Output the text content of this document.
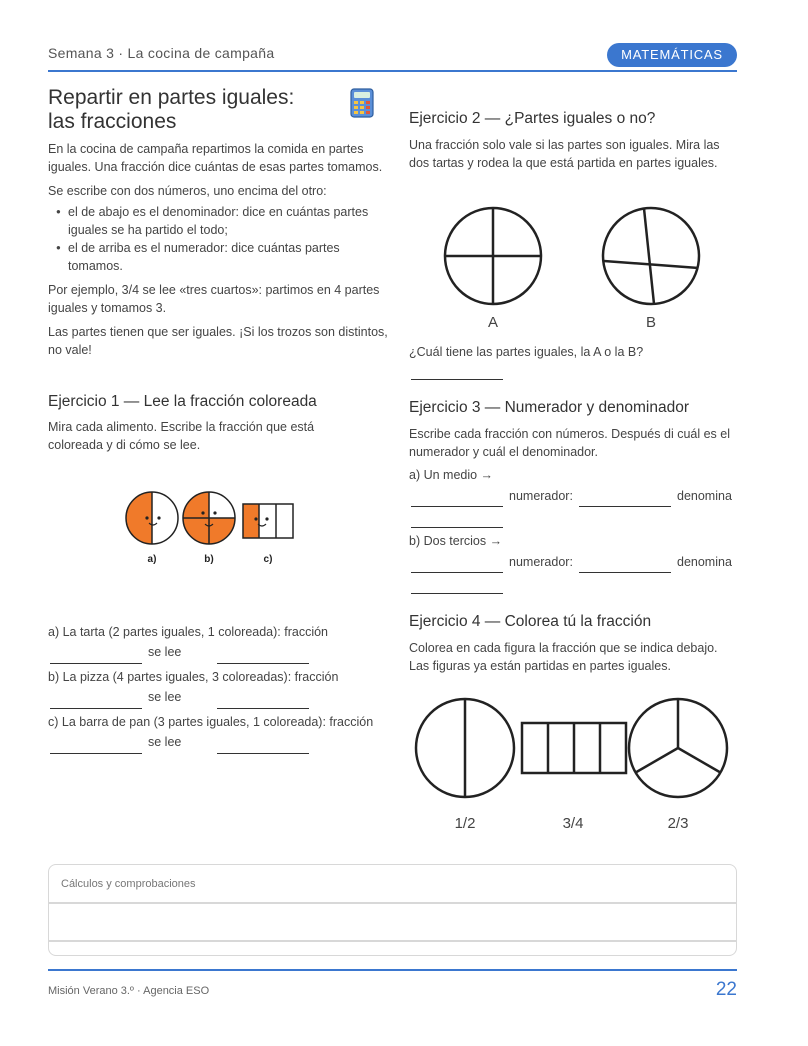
Semana 3 · La cocina de campaña	MATEMÁTICAS
Repartir en partes iguales:
las fracciones

En la cocina de campaña repartimos la comida en partes iguales. Una fracción dice cuántas de esas partes tomamos.

Se escribe con dos números, uno encima del otro:

● el de abajo es el denominador: dice en cuántas partes iguales se ha partido el todo;
● el de arriba es el numerador: dice cuántas partes tomamos.

Por ejemplo, 3/4 se lee «tres cuartos»: partimos en 4 partes iguales y tomamos 3.

Las partes tienen que ser iguales. ¡Si los trozos son distintos, no vale!

Ejercicio 1 — Lee la fracción coloreada
Mira cada alimento. Escribe la fracción que está coloreada y di cómo se lee.
a)	b)	c)
a) La tarta (2 partes iguales, 1 coloreada): fracción
se lee
b) La pizza (4 partes iguales, 3 coloreadas): fracción
se lee
c) La barra de pan (3 partes iguales, 1 coloreada): fracción
se lee
Ejercicio 2 — ¿Partes iguales o no?
Una fracción solo vale si las partes son iguales. Mira las dos tartas y rodea la que está partida en partes iguales.
A	B
¿Cuál tiene las partes iguales, la A o la B?
Ejercicio 3 — Numerador y denominador
Escribe cada fracción con números. Después di cuál es el numerador y cuál el denominador.
a) Un medio →
numerador:	denomina
b) Dos tercios →
numerador:	denomina
Ejercicio 4 — Colorea tú la fracción
Colorea en cada figura la fracción que se indica debajo. Las figuras ya están partidas en partes iguales.
1/2	3/4	2/3
Cálculos y comprobaciones
Misión Verano 3.º · Agencia ESO	22
